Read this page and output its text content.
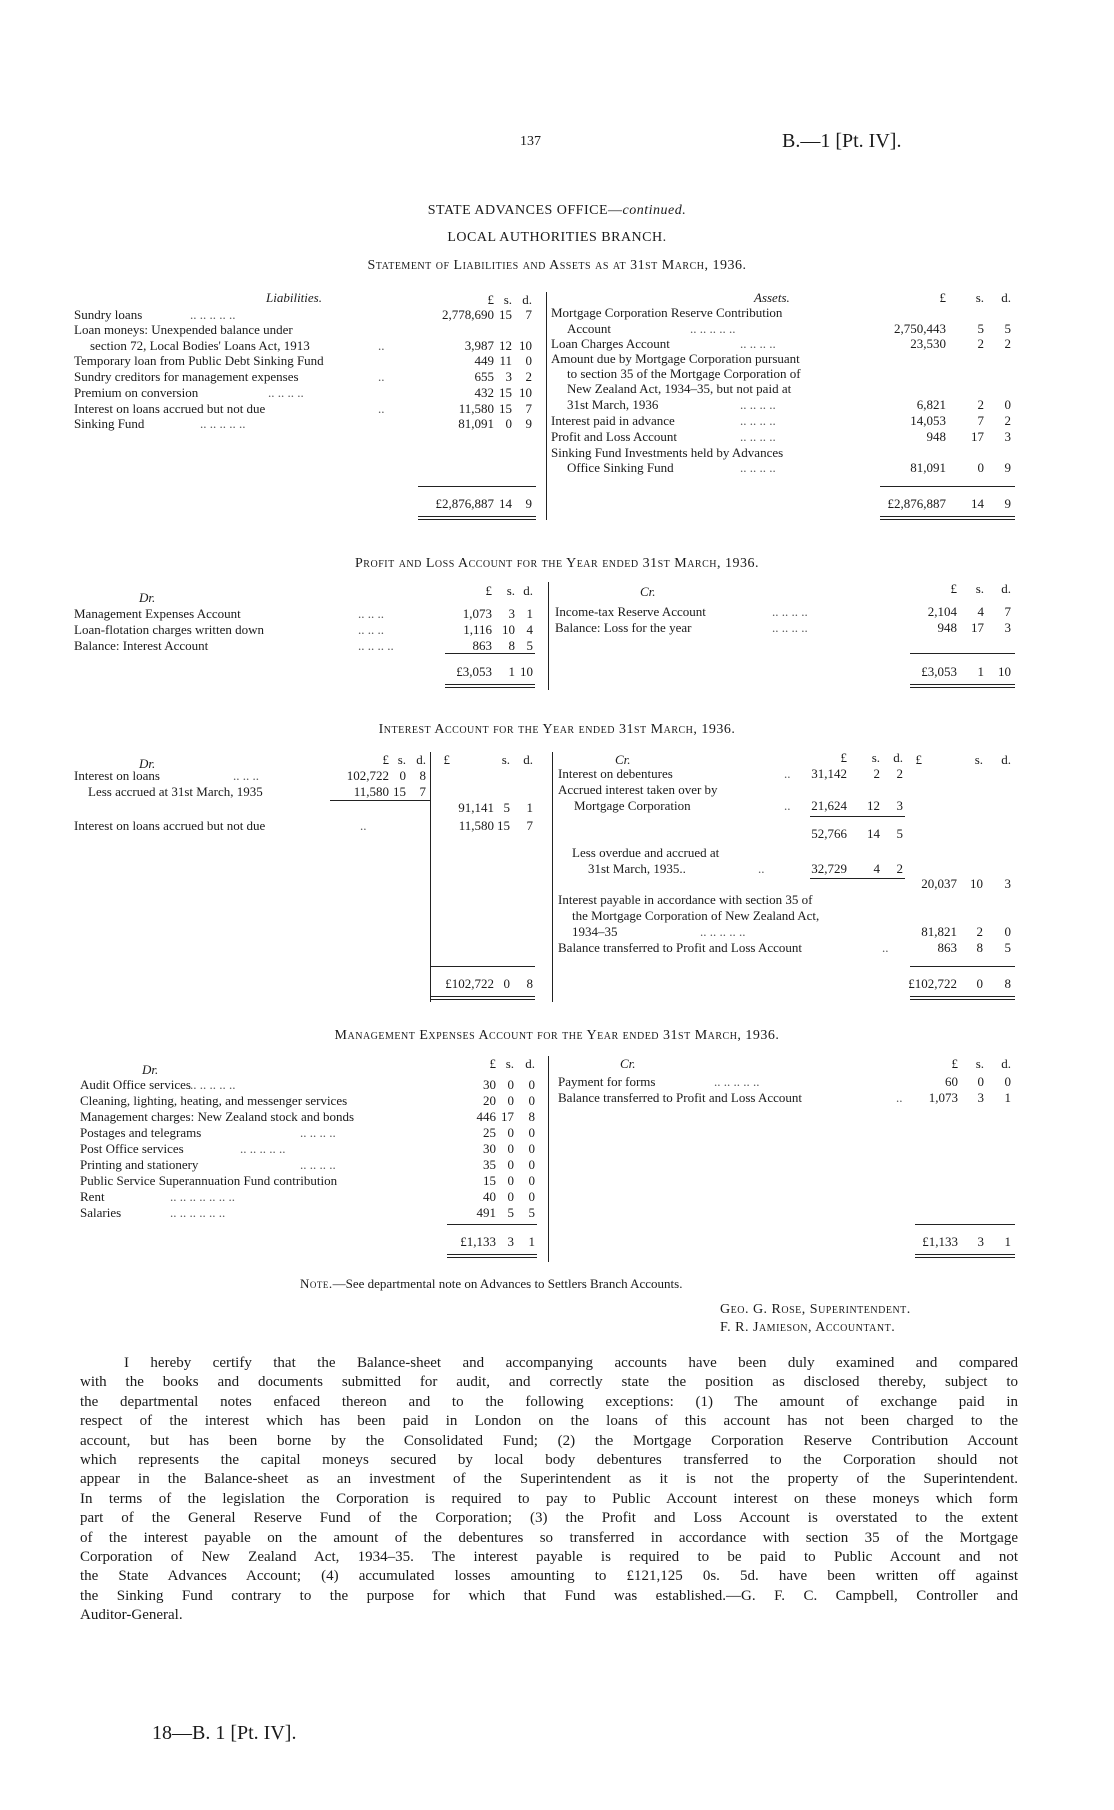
137	B.—1 [Pt. IV].
STATE ADVANCES OFFICE—continued.
LOCAL AUTHORITIES BRANCH.
Statement of Liabilities and Assets as at 31st March, 1936.
Liabilities.	Assets.
£ s. d.	£	s.	d.
Sundry loans	.. .. .. .. ..	2,778,690 15	7
Loan moneys: Unexpended balance under
section 72, Local Bodies' Loans Act, 1913	..	3,987 12 10
Temporary loan from Public Debt Sinking Fund	449 11	0
Sundry creditors for management expenses	..	655 3	2
Premium on conversion	.. .. .. ..	432 15 10
Interest on loans accrued but not due	..	11,580 15	7
Sinking Fund	.. .. .. .. ..	81,091 0	9
£2,876,887 14	9
Mortgage Corporation Reserve Contribution
Account	.. .. .. .. ..	2,750,443	5	5
Loan Charges Account	.. .. .. ..	23,530	2	2
Amount due by Mortgage Corporation pursuant
to section 35 of the Mortgage Corporation of
New Zealand Act, 1934–35, but not paid at
31st March, 1936	.. .. .. ..	6,821	2	0
Interest paid in advance	.. .. .. ..	14,053	7	2
Profit and Loss Account	.. .. .. ..	948	17	3
Sinking Fund Investments held by Advances
Office Sinking Fund	.. .. .. ..	81,091	0	9
£2,876,887	14	9
Profit and Loss Account for the Year ended 31st March, 1936.
Dr.	Cr.
£	s. d.	£	s.	d.
Management Expenses Account	.. .. ..	1,073	3 1
Loan-flotation charges written down	.. .. ..	1,116 10 4
Balance: Interest Account	.. .. .. ..	863	8 5
Income-tax Reserve Account	.. .. .. ..	2,104	4	7
Balance: Loss for the year	.. .. .. ..	948	17	3
£3,053	1 10	£3,053	1	10
Interest Account for the Year ended 31st March, 1936.
Dr.	Cr.
£ s. d.	£	s.	d.	£	s.	d. £	s.	d.
Interest on loans	.. .. ..	102,722 0	8
Less accrued at 31st March, 1935	11,580 15	7
91,141 5	1
Interest on loans accrued but not due	..	11,580 15	7
£102,722 0	8
Interest on debentures	..	31,142	2	2
Accrued interest taken over by
Mortgage Corporation	..	21,624	12	3
52,766	14	5
Less overdue and accrued at
31st March, 1935..	..	32,729	4	2
20,037	10	3
Interest payable in accordance with section 35 of
the Mortgage Corporation of New Zealand Act,
1934–35	.. .. .. .. ..	81,821	2	0
Balance transferred to Profit and Loss Account	..	863	8	5
£102,722	0	8
Management Expenses Account for the Year ended 31st March, 1936.
Dr.	Cr.
£ s. d.	£	s.	d.
Audit Office services .. .. .. .. ..	30 0	0
Cleaning, lighting, heating, and messenger services	20 0	0
Management charges: New Zealand stock and bonds	446 17	8
Postages and telegrams	.. .. .. ..	25 0	0
Post Office services	.. .. .. .. ..	30 0	0
Printing and stationery	.. .. .. ..	35 0	0
Public Service Superannuation Fund contribution	15 0	0
Rent	.. .. .. .. .. .. ..	40 0	0
Salaries	.. .. .. .. .. ..	491 5	5
Payment for forms	.. .. .. .. ..	60	0	0
Balance transferred to Profit and Loss Account	..	1,073	3	1
£1,133 3	1	£1,133	3	1
Note.—See departmental note on Advances to Settlers Branch Accounts.
Geo. G. Rose, Superintendent.
F. R. Jamieson, Accountant.
I hereby certify that the Balance-sheet and accompanying accounts have been duly examined and compared
with the books and documents submitted for audit, and correctly state the position as disclosed thereby, subject to
the departmental notes enfaced thereon and to the following exceptions: (1) The amount of exchange paid in
respect of the interest which has been paid in London on the loans of this account has not been charged to the
account, but has been borne by the Consolidated Fund; (2) the Mortgage Corporation Reserve Contribution Account
which represents the capital moneys secured by local body debentures transferred to the Corporation should not
appear in the Balance-sheet as an investment of the Superintendent as it is not the property of the Superintendent.
In terms of the legislation the Corporation is required to pay to Public Account interest on these moneys which form
part of the General Reserve Fund of the Corporation; (3) the Profit and Loss Account is overstated to the extent
of the interest payable on the amount of the debentures so transferred in accordance with section 35 of the Mortgage
Corporation of New Zealand Act, 1934–35. The interest payable is required to be paid to Public Account and not
the State Advances Account; (4) accumulated losses amounting to £121,125 0s. 5d. have been written off against
the Sinking Fund contrary to the purpose for which that Fund was established.—G. F. C. Campbell, Controller and
Auditor-General.
18—B. 1 [Pt. IV].
